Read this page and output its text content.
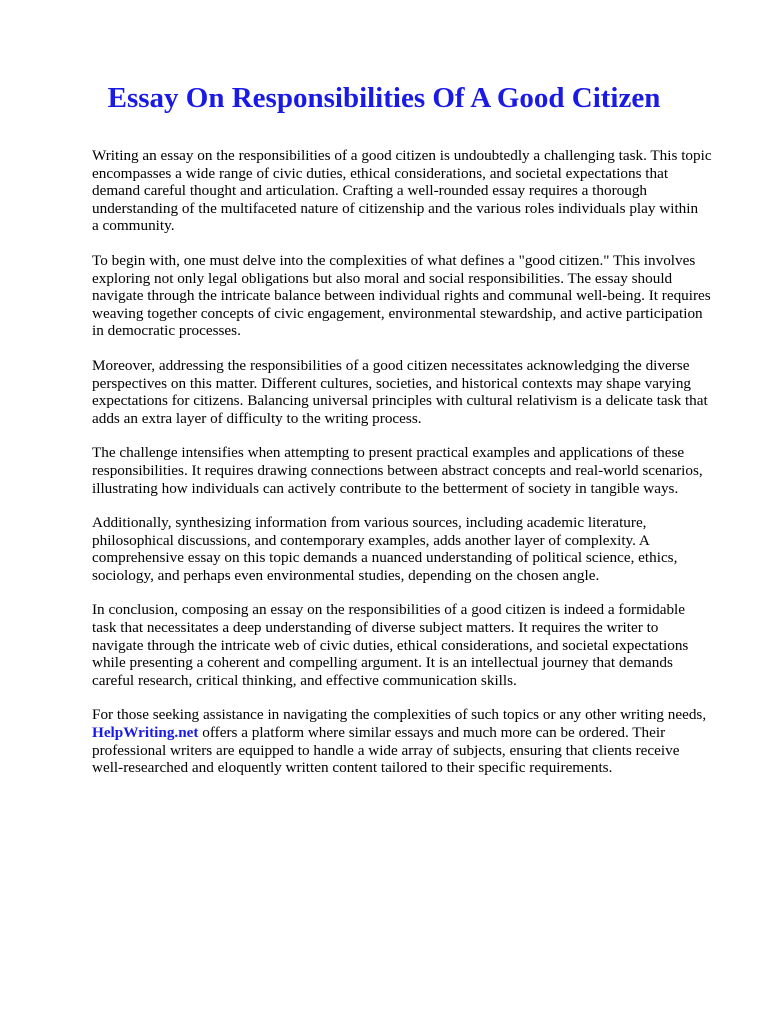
Essay On Responsibilities Of A Good Citizen

Writing an essay on the responsibilities of a good citizen is undoubtedly a challenging task. This topic
encompasses a wide range of civic duties, ethical considerations, and societal expectations that
demand careful thought and articulation. Crafting a well-rounded essay requires a thorough
understanding of the multifaceted nature of citizenship and the various roles individuals play within
a community.

To begin with, one must delve into the complexities of what defines a "good citizen." This involves
exploring not only legal obligations but also moral and social responsibilities. The essay should
navigate through the intricate balance between individual rights and communal well-being. It requires
weaving together concepts of civic engagement, environmental stewardship, and active participation
in democratic processes.

Moreover, addressing the responsibilities of a good citizen necessitates acknowledging the diverse
perspectives on this matter. Different cultures, societies, and historical contexts may shape varying
expectations for citizens. Balancing universal principles with cultural relativism is a delicate task that
adds an extra layer of difficulty to the writing process.

The challenge intensifies when attempting to present practical examples and applications of these
responsibilities. It requires drawing connections between abstract concepts and real-world scenarios,
illustrating how individuals can actively contribute to the betterment of society in tangible ways.

Additionally, synthesizing information from various sources, including academic literature,
philosophical discussions, and contemporary examples, adds another layer of complexity. A
comprehensive essay on this topic demands a nuanced understanding of political science, ethics,
sociology, and perhaps even environmental studies, depending on the chosen angle.

In conclusion, composing an essay on the responsibilities of a good citizen is indeed a formidable
task that necessitates a deep understanding of diverse subject matters. It requires the writer to
navigate through the intricate web of civic duties, ethical considerations, and societal expectations
while presenting a coherent and compelling argument. It is an intellectual journey that demands
careful research, critical thinking, and effective communication skills.

For those seeking assistance in navigating the complexities of such topics or any other writing needs,
HelpWriting.net offers a platform where similar essays and much more can be ordered. Their
professional writers are equipped to handle a wide array of subjects, ensuring that clients receive
well-researched and eloquently written content tailored to their specific requirements.
